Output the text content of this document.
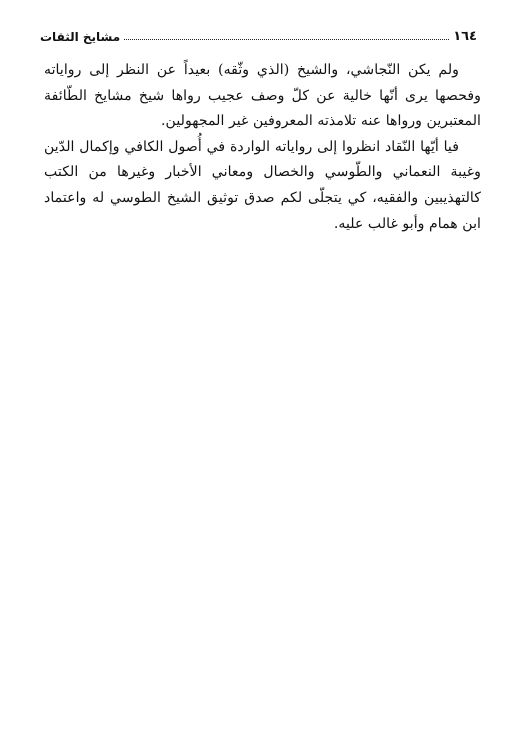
١٦٤
مشايخ الثقات

ولم يكن النّجاشي، والشيخ (الذي وثّقه) بعيداً عن النظر إلى رواياته وفحصها يرى أنّها خالية عن كلّ وصف عجيب رواها شيخ مشايخ الطّائفة المعتبرين ورواها عنه تلامذته المعروفين غير المجهولين.

فيا أيّها النّقاد انظروا إلى رواياته الواردة في أُصول الكافي وإكمال الدّين وغيبة النعماني والطّوسي والخصال ومعاني الأخبار وغيرها من الكتب كالتهذيبين والفقيه، كي يتجلّى لكم صدق توثيق الشيخ الطوسي له واعتماد ابن همام وأبو غالب عليه.
